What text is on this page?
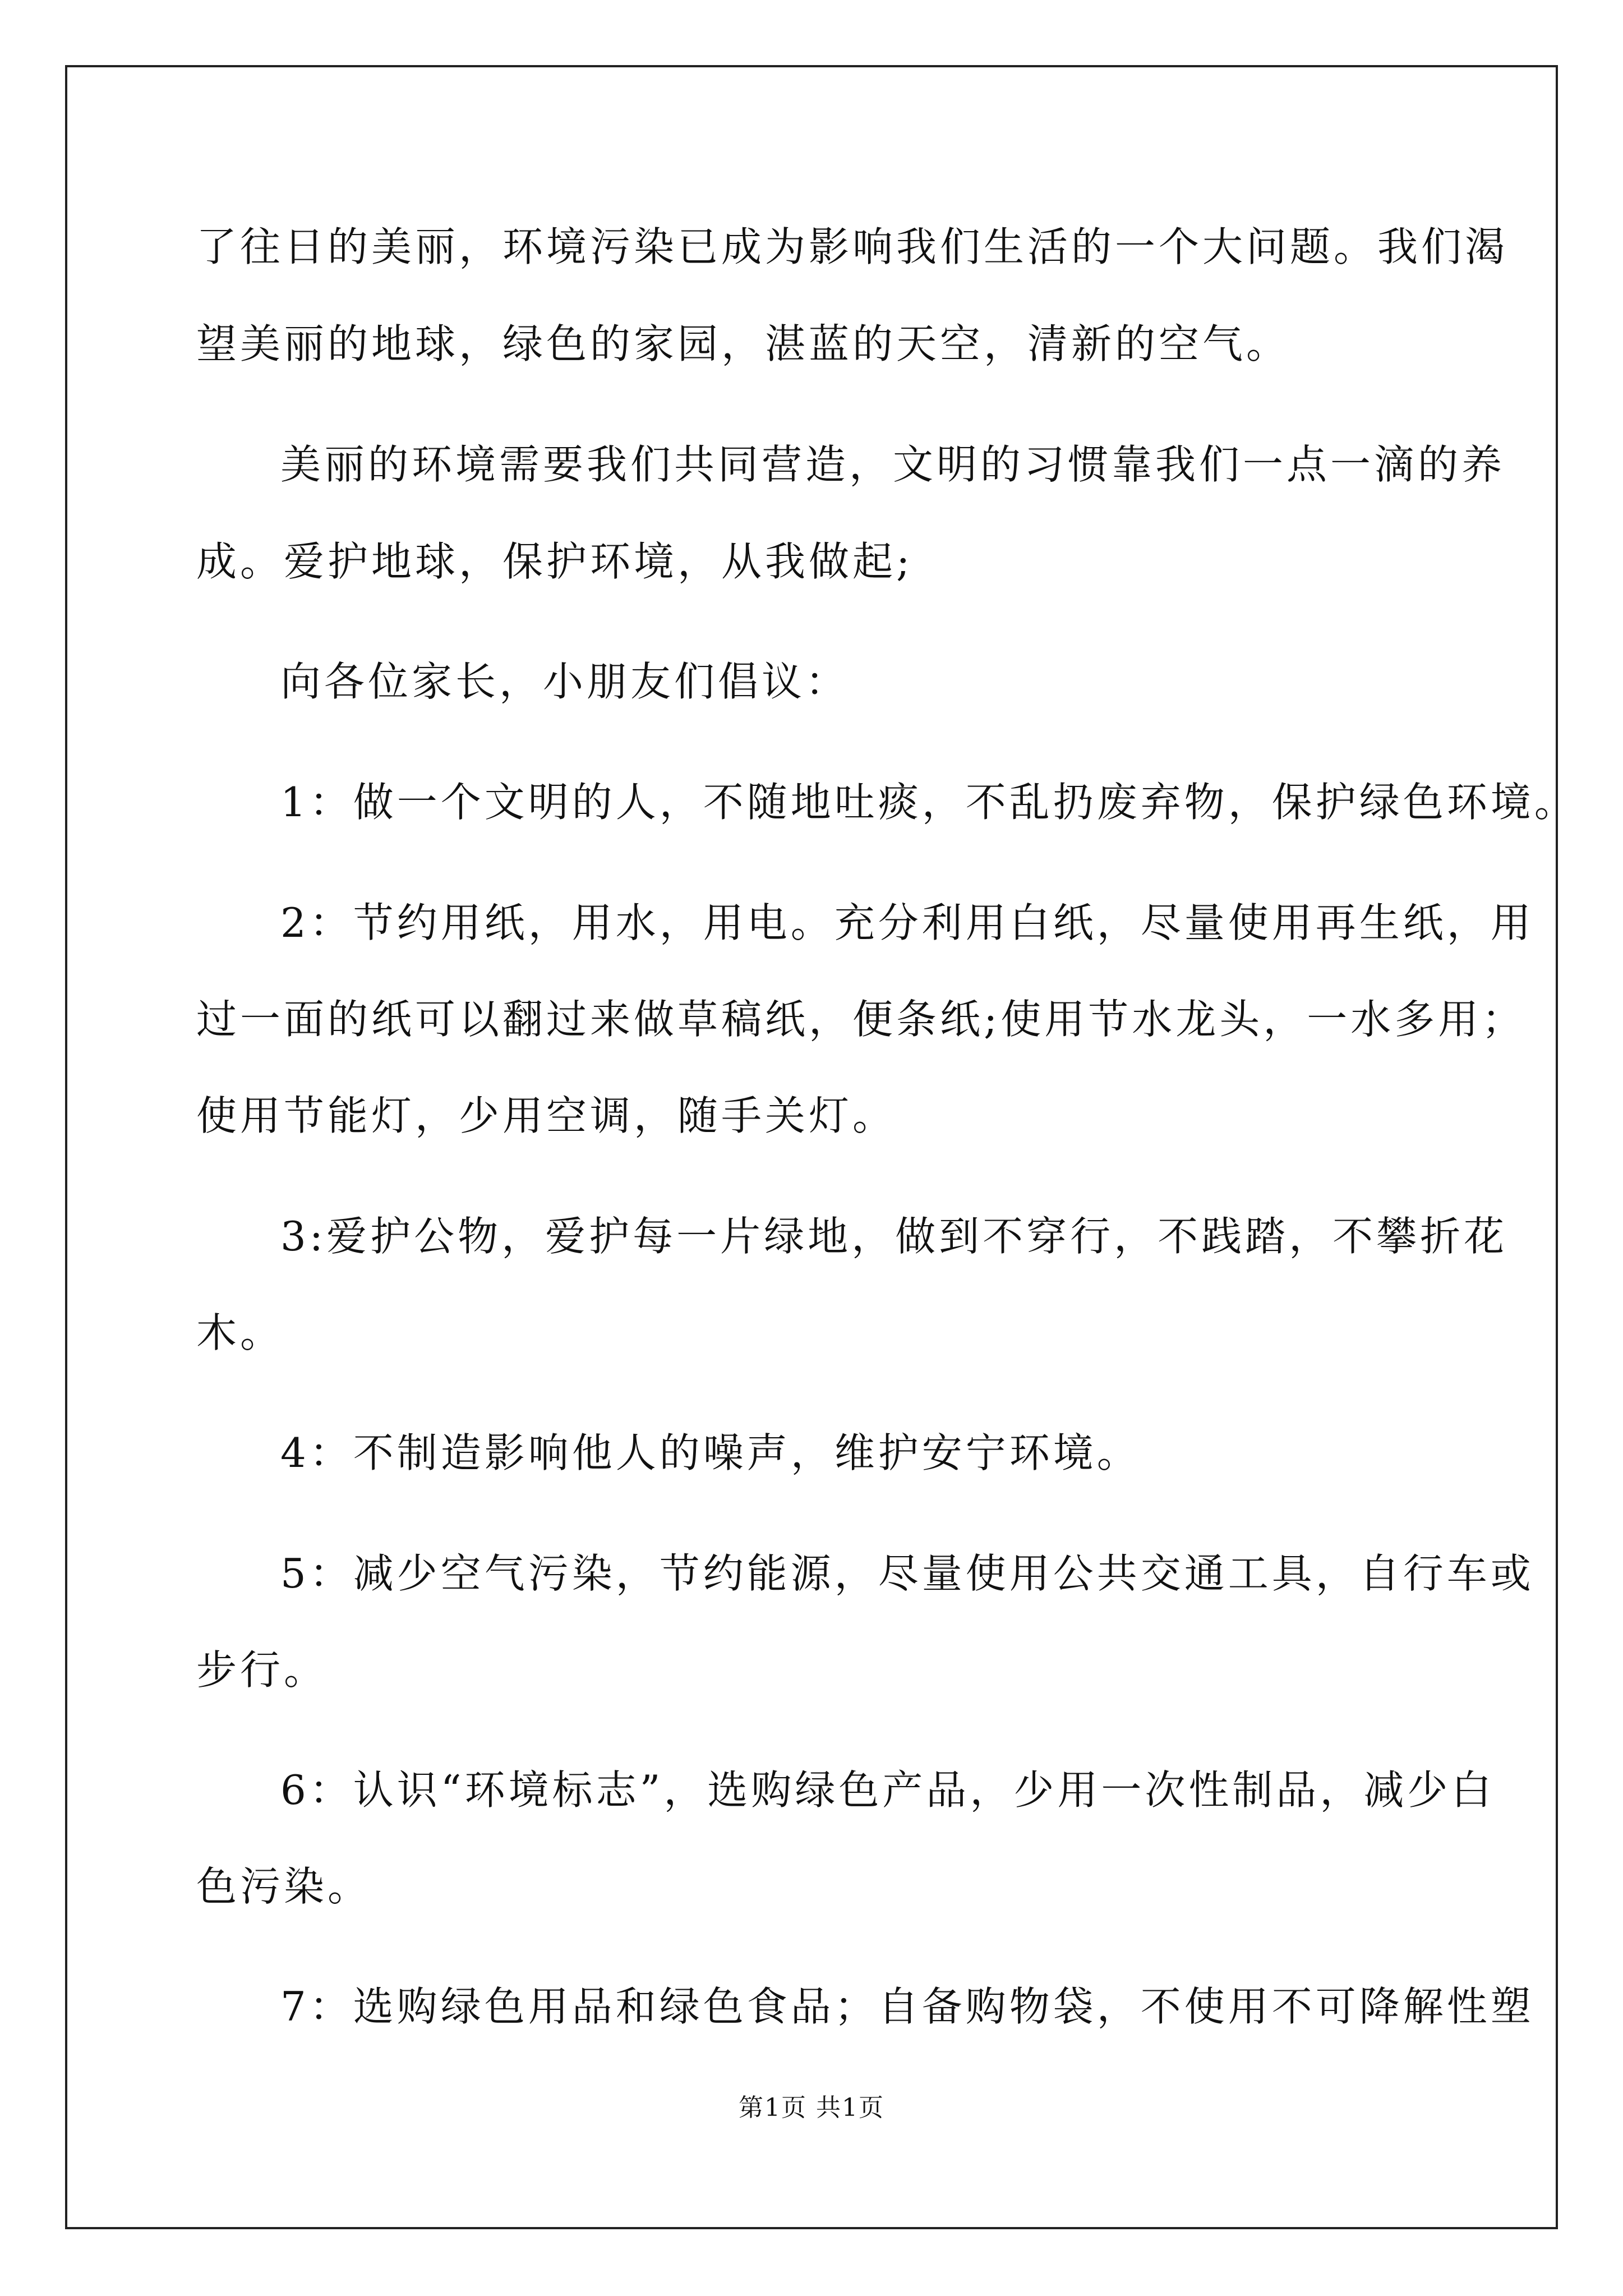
了往日的美丽，环境污染已成为影响我们生活的一个大问题。我们渴
望美丽的地球，绿色的家园，湛蓝的天空，清新的空气。
美丽的环境需要我们共同营造，文明的习惯靠我们一点一滴的养
成。爱护地球，保护环境，从我做起;
向各位家长，小朋友们倡议：
1：做一个文明的人，不随地吐痰，不乱扔废弃物，保护绿色环境。
2：节约用纸，用水，用电。充分利用白纸，尽量使用再生纸，用
过一面的纸可以翻过来做草稿纸，便条纸;使用节水龙头，一水多用；
使用节能灯，少用空调，随手关灯。
3:爱护公物，爱护每一片绿地，做到不穿行，不践踏，不攀折花
木。
4：不制造影响他人的噪声，维护安宁环境。
5：减少空气污染，节约能源，尽量使用公共交通工具，自行车或
步行。
6：认识“环境标志”，选购绿色产品，少用一次性制品，减少白
色污染。
7：选购绿色用品和绿色食品；自备购物袋，不使用不可降解性塑
第1页 共1页
